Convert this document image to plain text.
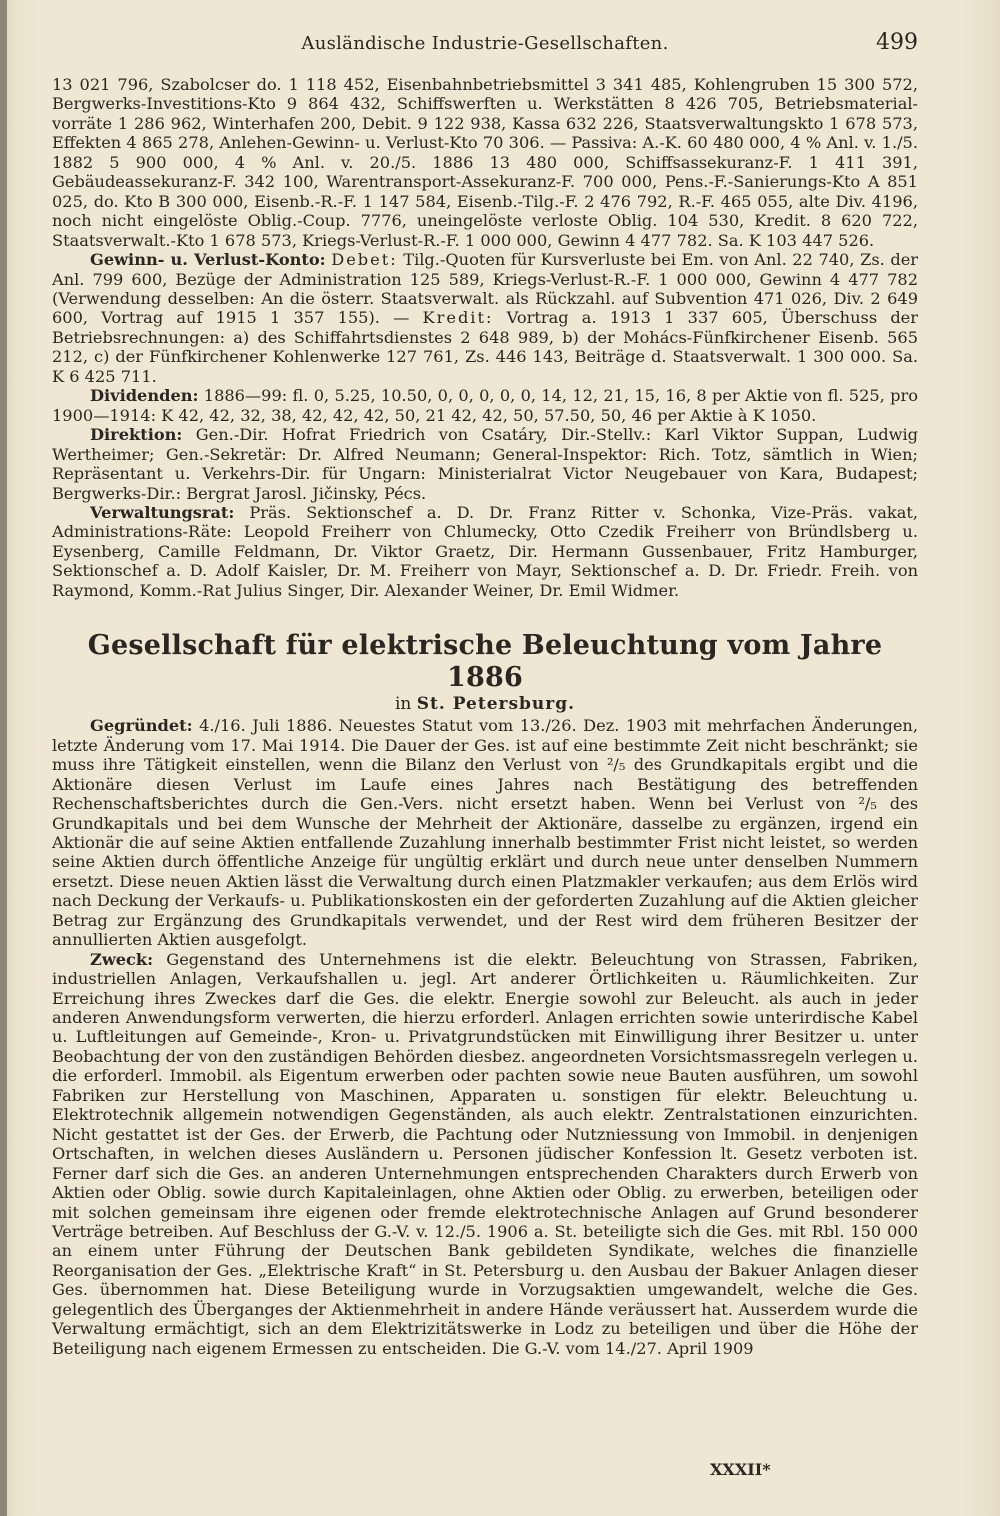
Ausländische Industrie-Gesellschaften.	499

13 021 796, Szabolcser do. 1 118 452, Eisenbahnbetriebsmittel 3 341 485, Kohlengruben 15 300 572, Bergwerks-Investitions-Kto 9 864 432, Schiffswerften u. Werkstätten 8 426 705, Betriebsmaterial-vorräte 1 286 962, Winterhafen 200, Debit. 9 122 938, Kassa 632 226, Staatsverwaltungskto 1 678 573, Effekten 4 865 278, Anlehen-Gewinn- u. Verlust-Kto 70 306. — Passiva: A.-K. 60 480 000, 4 % Anl. v. 1./5. 1882 5 900 000, 4 % Anl. v. 20./5. 1886 13 480 000, Schiffsassekuranz-F. 1 411 391, Gebäudeassekuranz-F. 342 100, Warentransport-Assekuranz-F. 700 000, Pens.-F.-Sanierungs-Kto A 851 025, do. Kto B 300 000, Eisenb.-R.-F. 1 147 584, Eisenb.-Tilg.-F. 2 476 792, R.-F. 465 055, alte Div. 4196, noch nicht eingelöste Oblig.-Coup. 7776, uneingelöste verloste Oblig. 104 530, Kredit. 8 620 722, Staatsverwalt.-Kto 1 678 573, Kriegs-Verlust-R.-F. 1 000 000, Gewinn 4 477 782. Sa. K 103 447 526.

Gewinn- u. Verlust-Konto: Debet: Tilg.-Quoten für Kursverluste bei Em. von Anl. 22 740, Zs. der Anl. 799 600, Bezüge der Administration 125 589, Kriegs-Verlust-R.-F. 1 000 000, Gewinn 4 477 782 (Verwendung desselben: An die österr. Staatsverwalt. als Rückzahl. auf Subvention 471 026, Div. 2 649 600, Vortrag auf 1915 1 357 155). — Kredit: Vortrag a. 1913 1 337 605, Überschuss der Betriebsrechnungen: a) des Schiffahrtsdienstes 2 648 989, b) der Mohács-Fünfkirchener Eisenb. 565 212, c) der Fünfkirchener Kohlenwerke 127 761, Zs. 446 143, Beiträge d. Staatsverwalt. 1 300 000. Sa. K 6 425 711.

Dividenden: 1886—99: fl. 0, 5.25, 10.50, 0, 0, 0, 0, 0, 14, 12, 21, 15, 16, 8 per Aktie von fl. 525, pro 1900—1914: K 42, 42, 32, 38, 42, 42, 42, 50, 21 42, 42, 50, 57.50, 50, 46 per Aktie à K 1050.

Direktion: Gen.-Dir. Hofrat Friedrich von Csatáry, Dir.-Stellv.: Karl Viktor Suppan, Ludwig Wertheimer; Gen.-Sekretär: Dr. Alfred Neumann; General-Inspektor: Rich. Totz, sämtlich in Wien; Repräsentant u. Verkehrs-Dir. für Ungarn: Ministerialrat Victor Neugebauer von Kara, Budapest; Bergwerks-Dir.: Bergrat Jarosl. Jičinsky, Pécs.

Verwaltungsrat: Präs. Sektionschef a. D. Dr. Franz Ritter v. Schonka, Vize-Präs. vakat, Administrations-Räte: Leopold Freiherr von Chlumecky, Otto Czedik Freiherr von Bründlsberg u. Eysenberg, Camille Feldmann, Dr. Viktor Graetz, Dir. Hermann Gussenbauer, Fritz Hamburger, Sektionschef a. D. Adolf Kaisler, Dr. M. Freiherr von Mayr, Sektionschef a. D. Dr. Friedr. Freih. von Raymond, Komm.-Rat Julius Singer, Dir. Alexander Weiner, Dr. Emil Widmer.

Gesellschaft für elektrische Beleuchtung vom Jahre 1886
in St. Petersburg.

Gegründet: 4./16. Juli 1886. Neuestes Statut vom 13./26. Dez. 1903 mit mehrfachen Änderungen, letzte Änderung vom 17. Mai 1914. Die Dauer der Ges. ist auf eine bestimmte Zeit nicht beschränkt; sie muss ihre Tätigkeit einstellen, wenn die Bilanz den Verlust von ²/₅ des Grundkapitals ergibt und die Aktionäre diesen Verlust im Laufe eines Jahres nach Bestätigung des betreffenden Rechenschaftsberichtes durch die Gen.-Vers. nicht ersetzt haben. Wenn bei Verlust von ²/₅ des Grundkapitals und bei dem Wunsche der Mehrheit der Aktionäre, dasselbe zu ergänzen, irgend ein Aktionär die auf seine Aktien entfallende Zuzahlung innerhalb bestimmter Frist nicht leistet, so werden seine Aktien durch öffentliche Anzeige für ungültig erklärt und durch neue unter denselben Nummern ersetzt. Diese neuen Aktien lässt die Verwaltung durch einen Platzmakler verkaufen; aus dem Erlös wird nach Deckung der Verkaufs- u. Publikationskosten ein der geforderten Zuzahlung auf die Aktien gleicher Betrag zur Ergänzung des Grundkapitals verwendet, und der Rest wird dem früheren Besitzer der annullierten Aktien ausgefolgt.

Zweck: Gegenstand des Unternehmens ist die elektr. Beleuchtung von Strassen, Fabriken, industriellen Anlagen, Verkaufshallen u. jegl. Art anderer Örtlichkeiten u. Räumlichkeiten. Zur Erreichung ihres Zweckes darf die Ges. die elektr. Energie sowohl zur Beleucht. als auch in jeder anderen Anwendungsform verwerten, die hierzu erforderl. Anlagen errichten sowie unterirdische Kabel u. Luftleitungen auf Gemeinde-, Kron- u. Privatgrundstücken mit Einwilligung ihrer Besitzer u. unter Beobachtung der von den zuständigen Behörden diesbez. angeordneten Vorsichtsmassregeln verlegen u. die erforderl. Immobil. als Eigentum erwerben oder pachten sowie neue Bauten ausführen, um sowohl Fabriken zur Herstellung von Maschinen, Apparaten u. sonstigen für elektr. Beleuchtung u. Elektrotechnik allgemein notwendigen Gegenständen, als auch elektr. Zentralstationen einzurichten. Nicht gestattet ist der Ges. der Erwerb, die Pachtung oder Nutzniessung von Immobil. in denjenigen Ortschaften, in welchen dieses Ausländern u. Personen jüdischer Konfession lt. Gesetz verboten ist. Ferner darf sich die Ges. an anderen Unternehmungen entsprechenden Charakters durch Erwerb von Aktien oder Oblig. sowie durch Kapitaleinlagen, ohne Aktien oder Oblig. zu erwerben, beteiligen oder mit solchen gemeinsam ihre eigenen oder fremde elektrotechnische Anlagen auf Grund besonderer Verträge betreiben. Auf Beschluss der G.-V. v. 12./5. 1906 a. St. beteiligte sich die Ges. mit Rbl. 150 000 an einem unter Führung der Deutschen Bank gebildeten Syndikate, welches die finanzielle Reorganisation der Ges. „Elektrische Kraft“ in St. Petersburg u. den Ausbau der Bakuer Anlagen dieser Ges. übernommen hat. Diese Beteiligung wurde in Vorzugsaktien umgewandelt, welche die Ges. gelegentlich des Überganges der Aktienmehrheit in andere Hände veräussert hat. Ausserdem wurde die Verwaltung ermächtigt, sich an dem Elektrizitätswerke in Lodz zu beteiligen und über die Höhe der Beteiligung nach eigenem Ermessen zu entscheiden. Die G.-V. vom 14./27. April 1909

XXXII*
